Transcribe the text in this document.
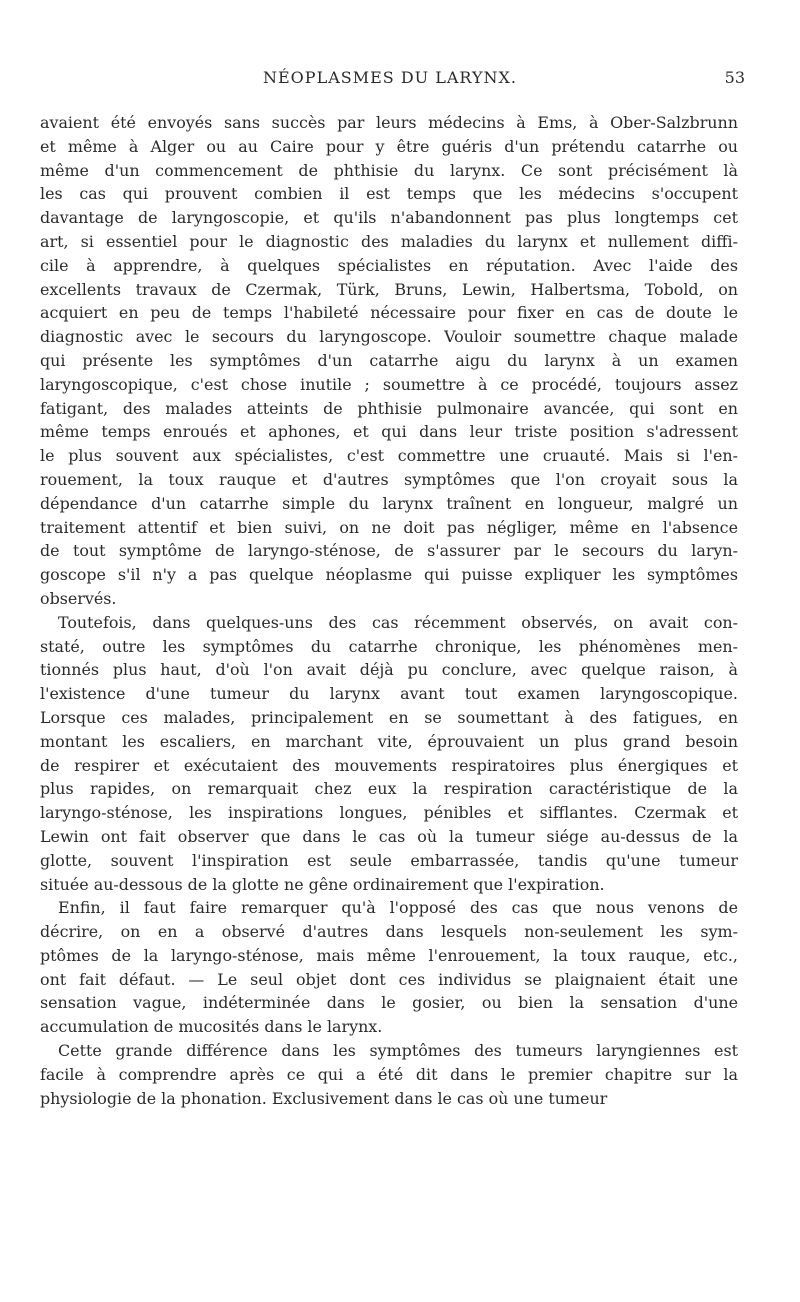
NÉOPLASMES DU LARYNX.	53

avaient été envoyés sans succès par leurs médecins à Ems, à Ober-Salzbrunn
et même à Alger ou au Caire pour y être guéris d'un prétendu catarrhe ou
même d'un commencement de phthisie du larynx. Ce sont précisément là
les cas qui prouvent combien il est temps que les médecins s'occupent
davantage de laryngoscopie, et qu'ils n'abandonnent pas plus longtemps cet
art, si essentiel pour le diagnostic des maladies du larynx et nullement diffi-
cile à apprendre, à quelques spécialistes en réputation. Avec l'aide des
excellents travaux de Czermak, Türk, Bruns, Lewin, Halbertsma, Tobold, on
acquiert en peu de temps l'habileté nécessaire pour fixer en cas de doute le
diagnostic avec le secours du laryngoscope. Vouloir soumettre chaque malade
qui présente les symptômes d'un catarrhe aigu du larynx à un examen
laryngoscopique, c'est chose inutile ; soumettre à ce procédé, toujours assez
fatigant, des malades atteints de phthisie pulmonaire avancée, qui sont en
même temps enroués et aphones, et qui dans leur triste position s'adressent
le plus souvent aux spécialistes, c'est commettre une cruauté. Mais si l'en-
rouement, la toux rauque et d'autres symptômes que l'on croyait sous la
dépendance d'un catarrhe simple du larynx traînent en longueur, malgré un
traitement attentif et bien suivi, on ne doit pas négliger, même en l'absence
de tout symptôme de laryngo-sténose, de s'assurer par le secours du laryn-
goscope s'il n'y a pas quelque néoplasme qui puisse expliquer les symptômes
observés.

Toutefois, dans quelques-uns des cas récemment observés, on avait con-
staté, outre les symptômes du catarrhe chronique, les phénomènes men-
tionnés plus haut, d'où l'on avait déjà pu conclure, avec quelque raison, à
l'existence d'une tumeur du larynx avant tout examen laryngoscopique.
Lorsque ces malades, principalement en se soumettant à des fatigues, en
montant les escaliers, en marchant vite, éprouvaient un plus grand besoin
de respirer et exécutaient des mouvements respiratoires plus énergiques et
plus rapides, on remarquait chez eux la respiration caractéristique de la
laryngo-sténose, les inspirations longues, pénibles et sifflantes. Czermak et
Lewin ont fait observer que dans le cas où la tumeur siége au-dessus de la
glotte, souvent l'inspiration est seule embarrassée, tandis qu'une tumeur
située au-dessous de la glotte ne gêne ordinairement que l'expiration.

Enfin, il faut faire remarquer qu'à l'opposé des cas que nous venons de
décrire, on en a observé d'autres dans lesquels non-seulement les sym-
ptômes de la laryngo-sténose, mais même l'enrouement, la toux rauque, etc.,
ont fait défaut. — Le seul objet dont ces individus se plaignaient était une
sensation vague, indéterminée dans le gosier, ou bien la sensation d'une
accumulation de mucosités dans le larynx.

Cette grande différence dans les symptômes des tumeurs laryngiennes est
facile à comprendre après ce qui a été dit dans le premier chapitre sur la
physiologie de la phonation. Exclusivement dans le cas où une tumeur
